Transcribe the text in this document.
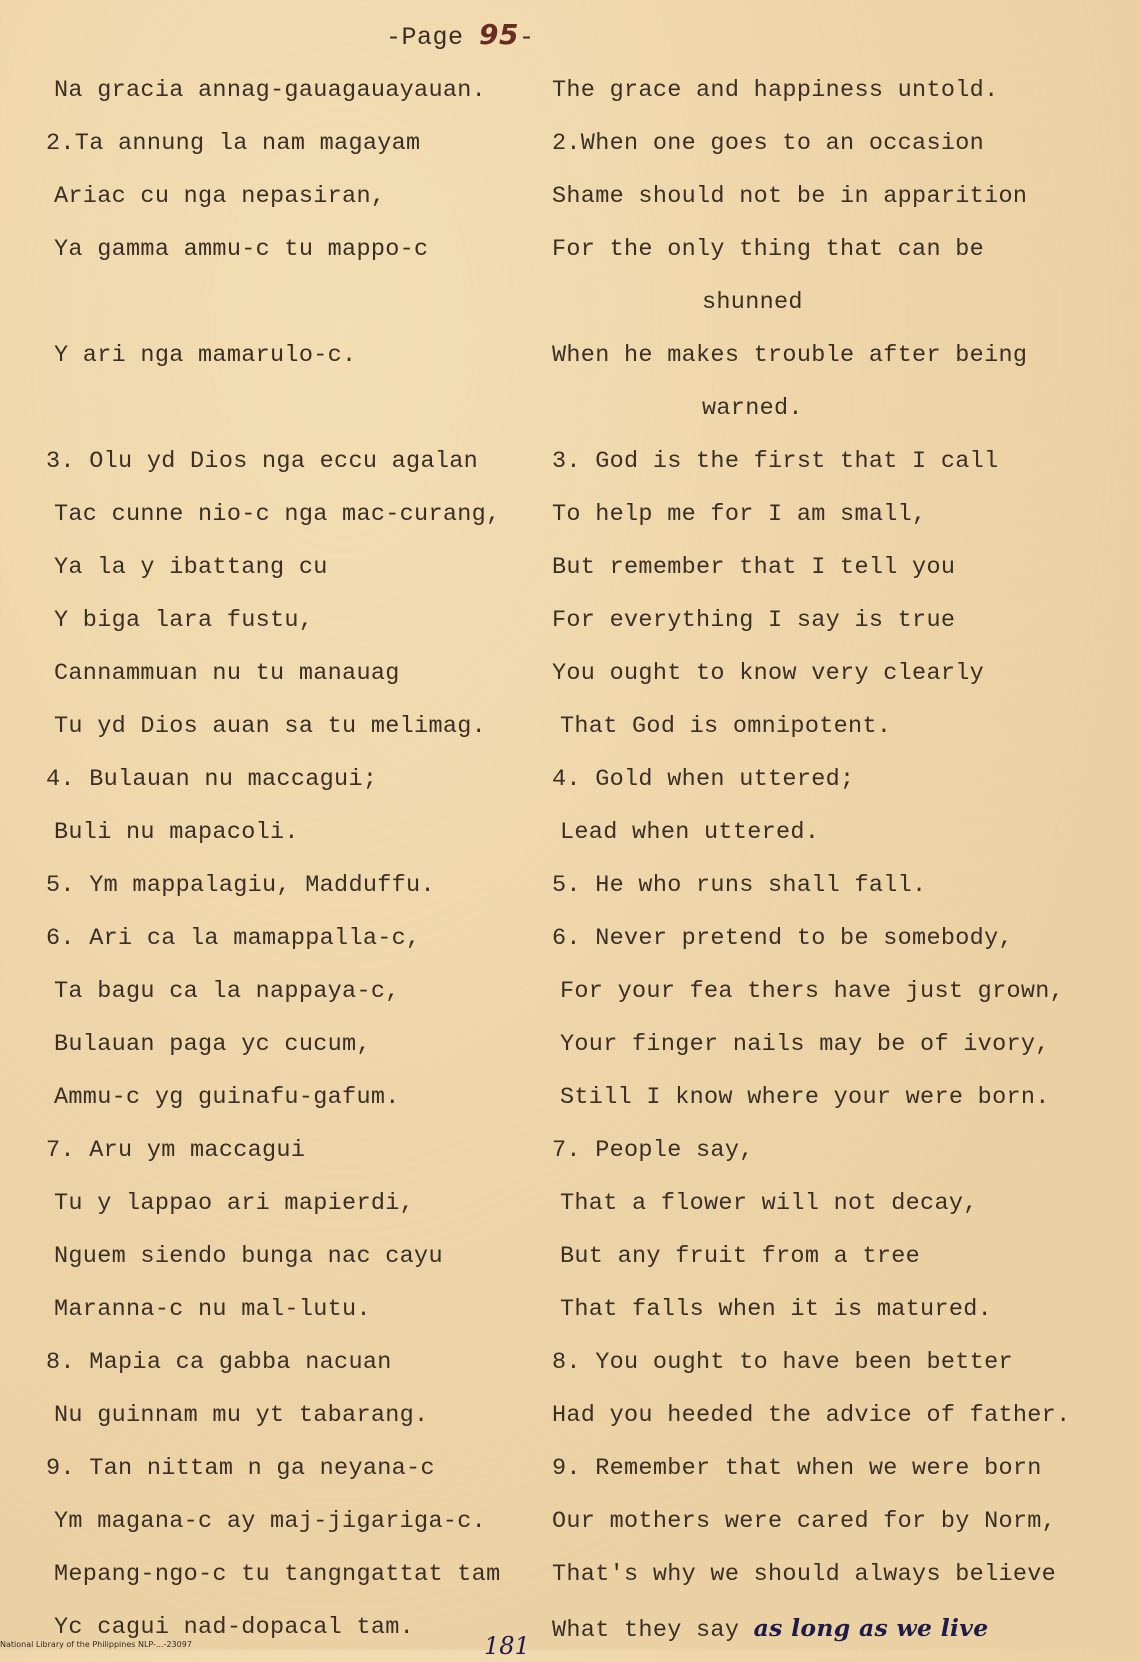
-Page 95-
Na gracia annag-gauagauayauan.
2.Ta annung la nam magayam
Ariac cu nga nepasiran,
Ya gamma ammu-c tu mappo-c
Y ari nga mamarulo-c.
3. Olu yd Dios nga eccu agalan
Tac cunne nio-c nga mac-curang,
Ya la y ibattang cu
Y biga lara fustu,
Cannammuan nu tu manauag
Tu yd Dios auan sa tu melimag.
4. Bulauan nu maccagui;
Buli nu mapacoli.
5. Ym mappalagiu, Madduffu.
6. Ari ca la mamappalla-c,
Ta bagu ca la nappaya-c,
Bulauan paga yc cucum,
Ammu-c yg guinafu-gafum.
7. Aru ym maccagui
Tu y lappao ari mapierdi,
Nguem siendo bunga nac cayu
Maranna-c nu mal-lutu.
8. Mapia ca gabba nacuan
Nu guinnam mu yt tabarang.
9. Tan nittam n ga neyana-c
Ym magana-c ay maj-jigariga-c.
Mepang-ngo-c tu tangngattat tam
Yc cagui nad-dopacal tam.
The grace and happiness untold.
2.When one goes to an occasion
Shame should not be in apparition
For the only thing that can be
shunned
When he makes trouble after being
warned.
3. God is the first that I call
To help me for I am small,
But remember that I tell you
For everything I say is true
You ought to know very clearly
That God is omnipotent.
4. Gold when uttered;
Lead when uttered.
5. He who runs shall fall.
6. Never pretend to be somebody,
For your fea thers have just grown,
Your finger nails may be of ivory,
Still I know where your were born.
7. People say,
That a flower will not decay,
But any fruit from a tree
That falls when it is matured.
8. You ought to have been better
Had you heeded the advice of father.
9. Remember that when we were born
Our mothers were cared for by Norm,
That's why we should always believe
What they say as long as we live
181
National Library of the Philippines NLP-...-23097
